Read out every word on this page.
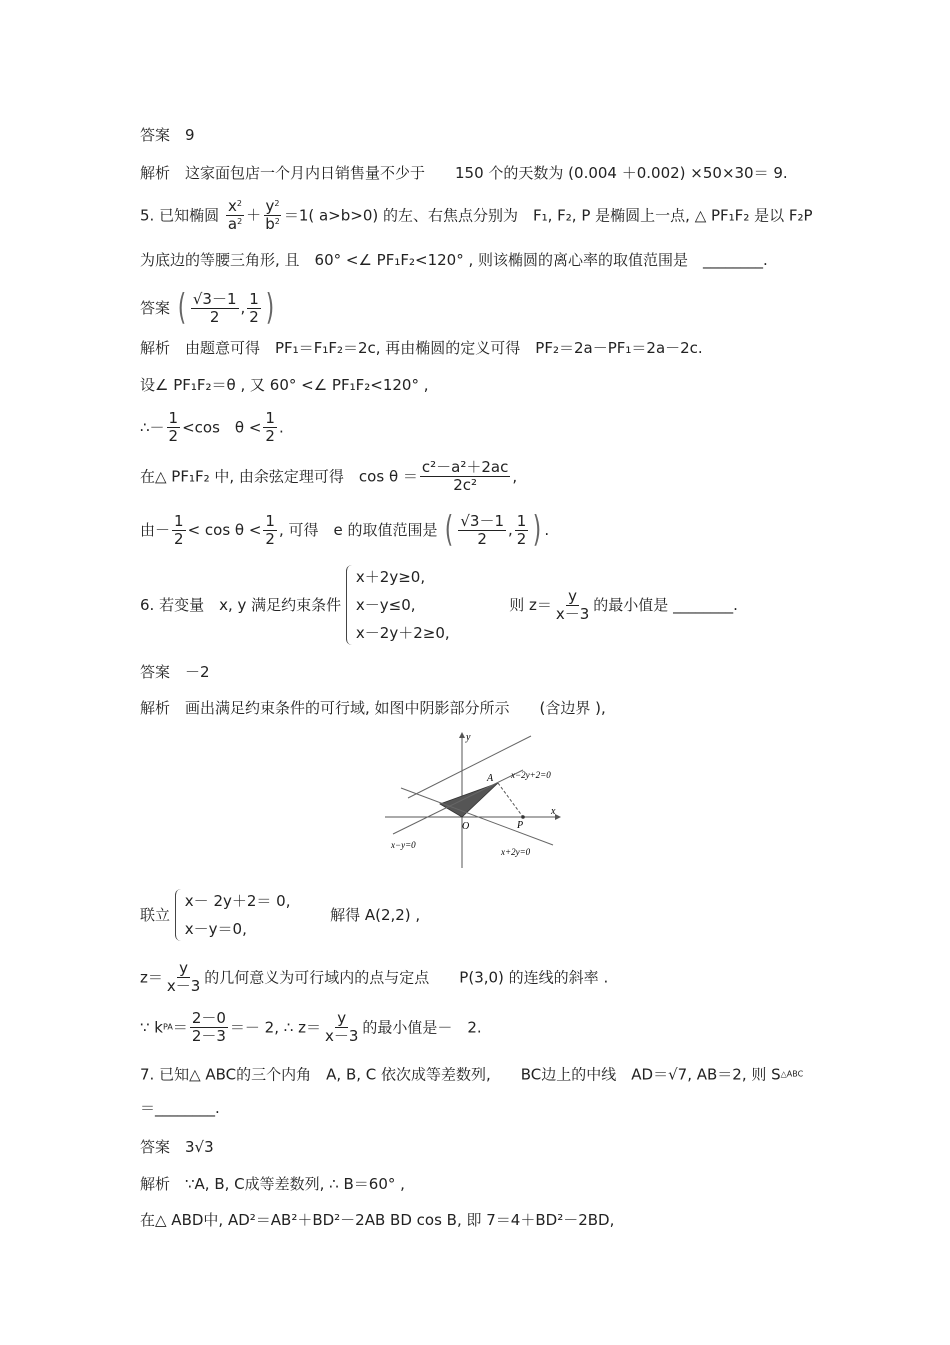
答案　9
解析　这家面包店一个月内日销售量不少于　　150 个的天数为 (0.004 ＋0.002) ×50×30＝ 9.
5. 已知椭圆 $\frac{x^2}{a^2} + \frac{y^2}{b^2} =1$( a>b>0) 的左、右焦点分别为　F₁, F₂, P 是椭圆上一点, △ PF₁F₂ 是以 F₂P
为底边的等腰三角形, 且　60° <∠ PF₁F₂<120° , 则该椭圆的离心率的取值范围是　________.
答案 ( $\frac{√3-1}{2}$ , $\frac{1}{2}$ )
解析　由题意可得　PF₁＝F₁F₂＝2c, 再由椭圆的定义可得　PF₂＝2a－PF₁＝2a－2c.
设∠ PF₁F₂＝θ , 又 60° <∠ PF₁F₂<120° ,
∴－ $\frac{1}{2} <\cos$　$\theta < \frac{1}{2}$ .
在△ PF₁F₂ 中, 由余弦定理可得　$\cos \theta = \frac{\text{c²－a²＋2ac}}{\text{2c²}}$ ,
由－ $\frac{1}{2} < \cos \theta < \frac{1}{2}$ , 可得　e 的取值范围是 ( $\frac{√3-1}{2}$ , $\frac{1}{2}$ ) .
6. 若变量　x, y 满足约束条件
x＋2y≥0,
x－y≤0,
x－2y＋2≥0,
则 $z= \frac{y}{x-3}$ 的最小值是 ________.
答案　－2
解析　画出满足约束条件的可行域, 如图中阴影部分所示　　(含边界 ),
y
x
O
A
P
x−2y+2=0
x−y=0
x+2y=0
联立
x－ 2y＋2＝ 0,
x－y＝0,
解得 A(2,2) ,
$z= \frac{y}{x-3}$ 的几何意义为可行域内的点与定点　　P(3,0) 的连线的斜率 .
∵ $kPA= \frac{2-0}{2-3} =- 2$, ∴ $z= \frac{y}{x-3}$ 的最小值是－　2.
7. 已知△ ABC的三个内角　A, B, C 依次成等差数列,　　BC边上的中线　AD＝√7, AB＝2, 则 S△ABC
＝________.
答案　3√3
解析　∵A, B, C成等差数列, ∴ B＝60° ,
在△ ABD中, AD²＝AB²＋BD²－2AB BD cos B, 即 7＝4＋BD²－2BD,
